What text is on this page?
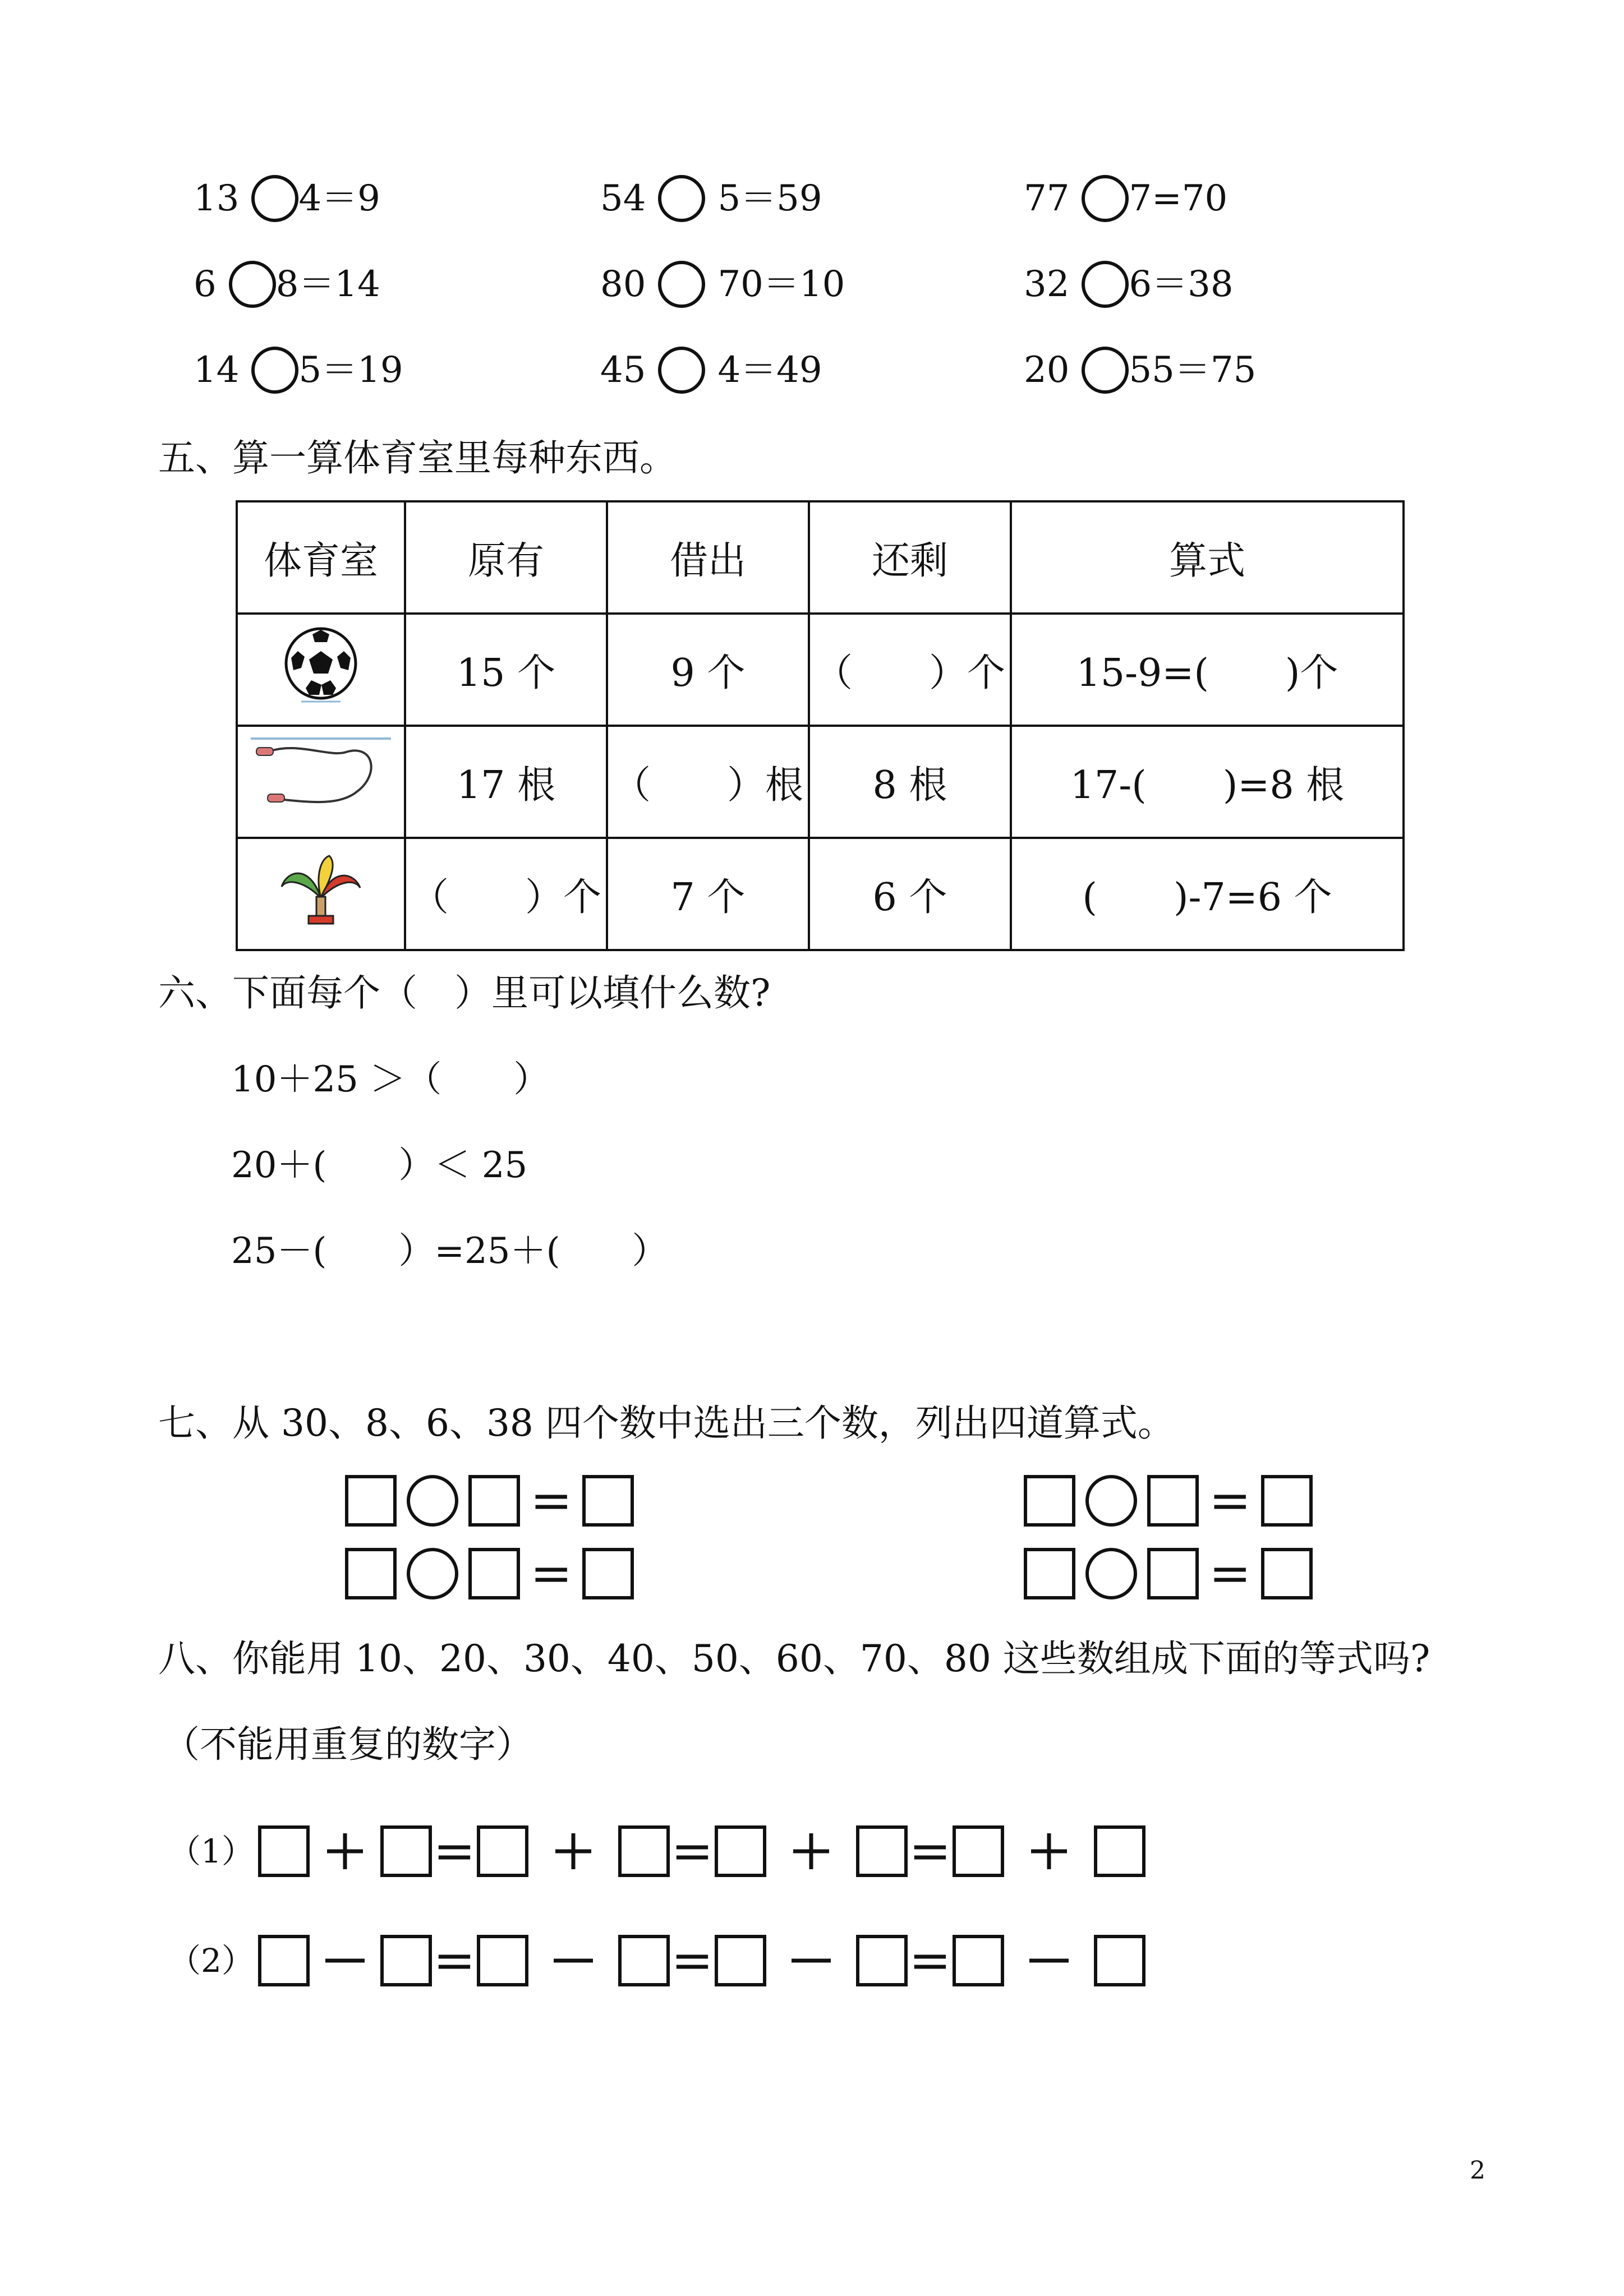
13 4＝9	54 5＝59	77 7=70
6 8＝14	80 70＝10	32 6＝38
14 5＝19	45 4＝49	20 55＝75
五、算一算体育室里每种东西。
体育室	原有	借出	还剩	算式
	15 个	9 个	（　　）个	15-9=(　　)个
	17 根	（　　）根	8 根	17-(　　)=8 根
	（　　）个	7 个	6 个	(　　)-7=6 个
六、下面每个（　）里可以填什么数?
10＋25 ＞（　　）
20＋(　　）＜ 25
25－(　　）=25＋(　　）
七、从 30、8、6、38 四个数中选出三个数，列出四道算式。
=	=
=	=
八、你能用 10、20、30、40、50、60、70、80 这些数组成下面的等式吗?
（不能用重复的数字）
（1）	=	=	=
（2）	=	=	=
2
